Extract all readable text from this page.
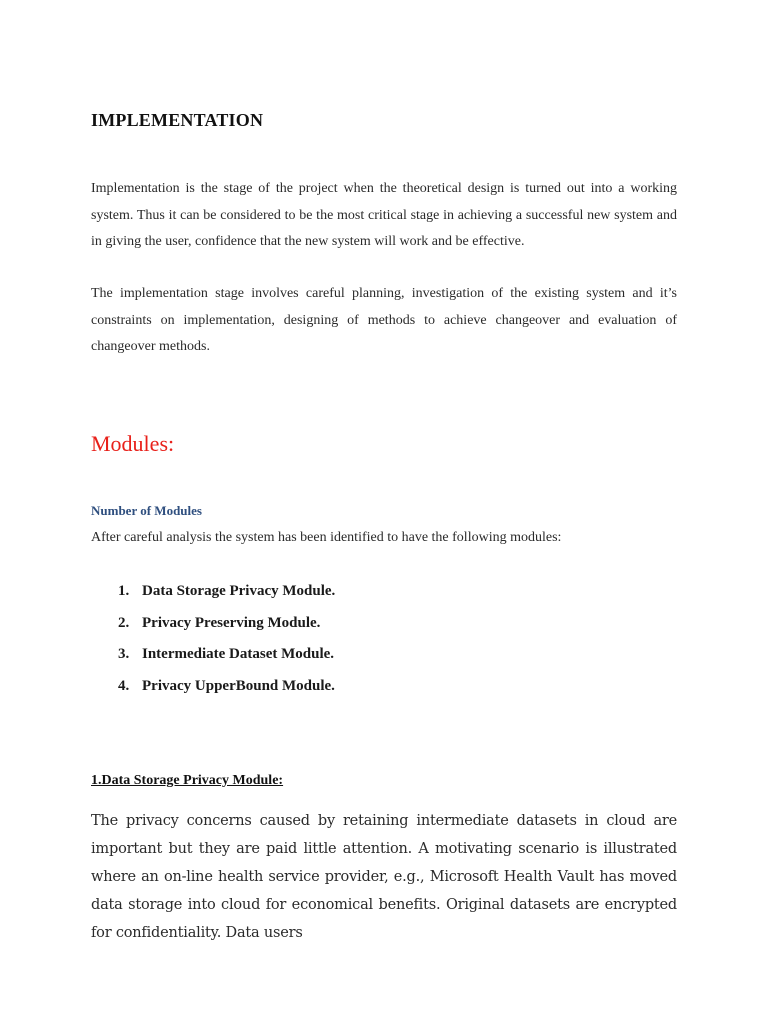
IMPLEMENTATION

Implementation is the stage of the project when the theoretical design is turned out into a working system. Thus it can be considered to be the most critical stage in achieving a successful new system and in giving the user, confidence that the new system will work and be effective.

The implementation stage involves careful planning, investigation of the existing system and it’s constraints on implementation, designing of methods to achieve changeover and evaluation of changeover methods.

Modules:
Number of Modules
After careful analysis the system has been identified to have the following modules:
1. Data Storage Privacy Module.
2. Privacy Preserving Module.
3. Intermediate Dataset Module.
4. Privacy UpperBound Module.
1.Data Storage Privacy Module:

The privacy concerns caused by retaining intermediate datasets in cloud are important but they are paid little attention. A motivating scenario is illustrated where an on-line health service provider, e.g., Microsoft Health Vault has moved data storage into cloud for economical benefits. Original datasets are encrypted for confidentiality. Data users
